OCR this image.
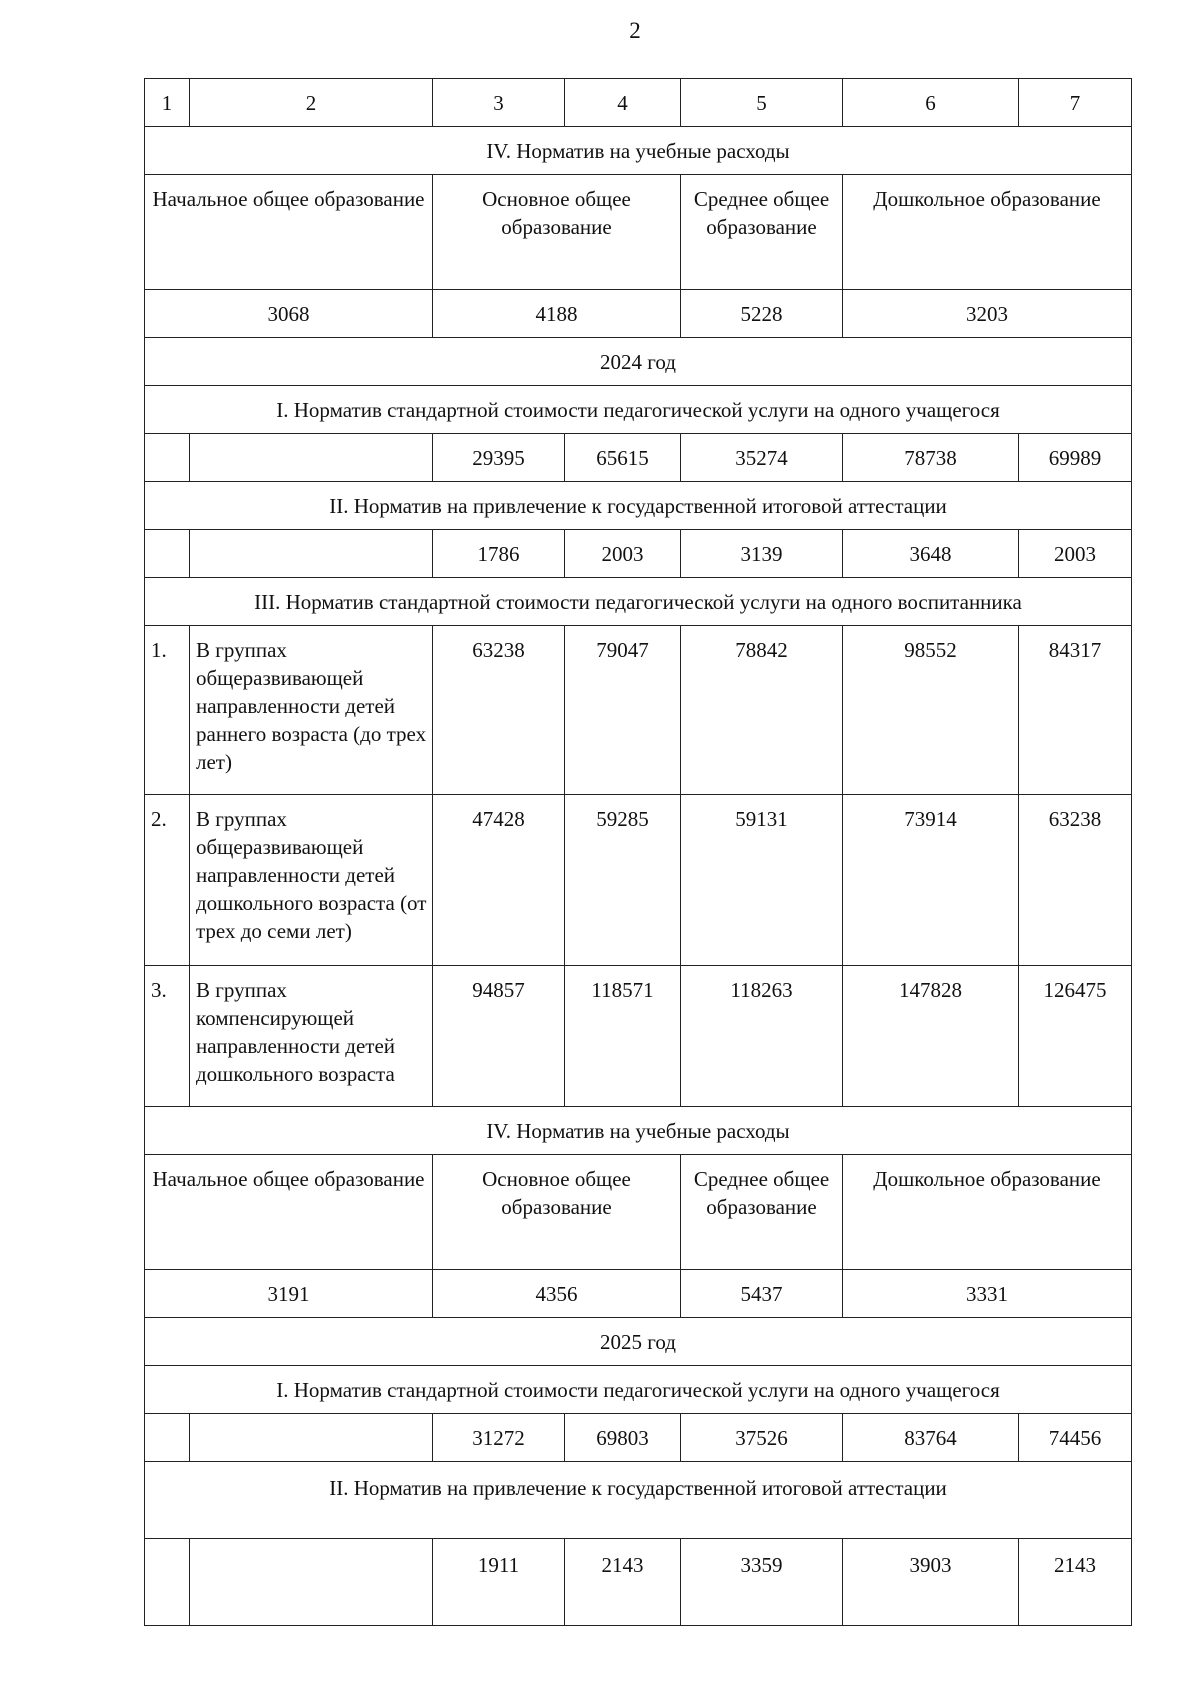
2
1	2	3	4	5	6	7
IV. Норматив на учебные расходы						
Начальное общее образование		Основное общее образование		Среднее общее образование	Дошкольное образование	
3068		4188		5228	3203	
2024 год						
I. Норматив стандартной стоимости педагогической услуги на одного учащегося						
		29395	65615	35274	78738	69989
II. Норматив на привлечение к государственной итоговой аттестации						
		1786	2003	3139	3648	2003
III. Норматив стандартной стоимости педагогической услуги на одного воспитанника						
1.	В группах общеразвивающей направленности детей раннего возраста (до трех лет)	63238	79047	78842	98552	84317
2.	В группах общеразвивающей направленности детей дошкольного возраста (от трех до семи лет)	47428	59285	59131	73914	63238
3.	В группах компенсирующей направленности детей дошкольного возраста	94857	118571	118263	147828	126475
IV. Норматив на учебные расходы						
Начальное общее образование		Основное общее образование		Среднее общее образование	Дошкольное образование	
3191		4356		5437	3331	
2025 год						
I. Норматив стандартной стоимости педагогической услуги на одного учащегося						
		31272	69803	37526	83764	74456
II. Норматив на привлечение к государственной итоговой аттестации						
		1911	2143	3359	3903	2143
